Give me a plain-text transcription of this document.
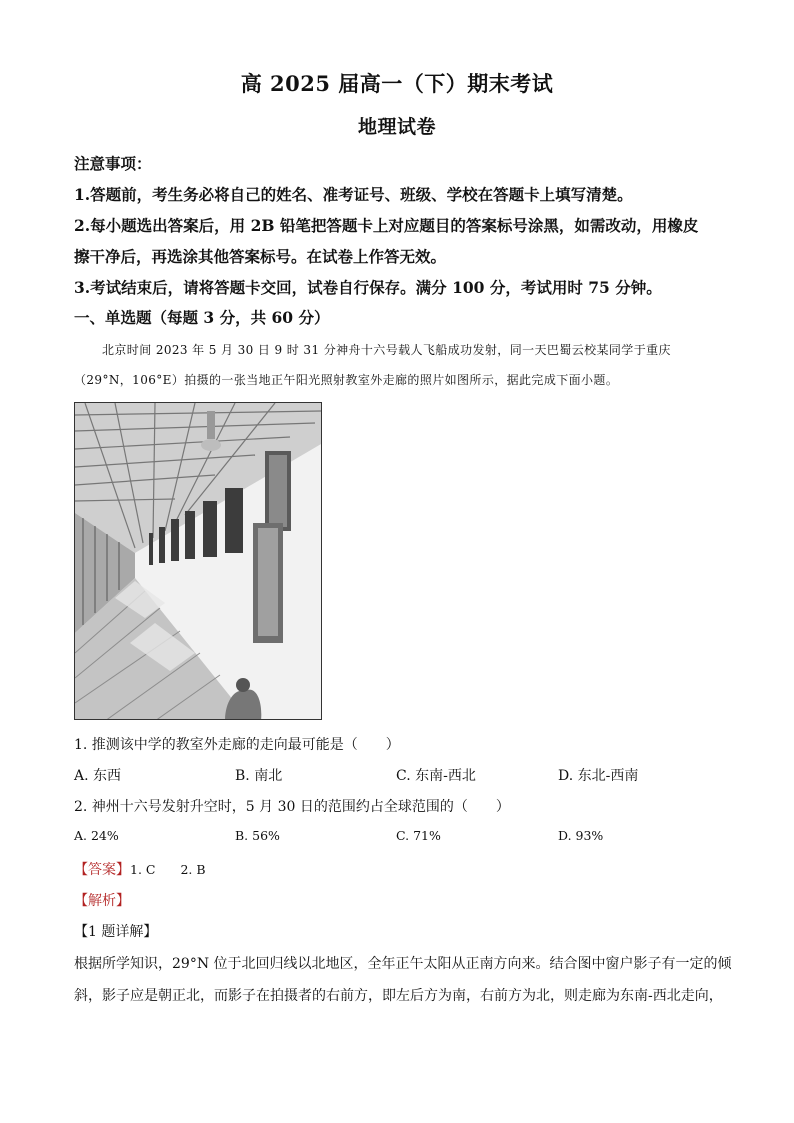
高 2025 届高一（下）期末考试
地理试卷
注意事项：
1.答题前，考生务必将自己的姓名、准考证号、班级、学校在答题卡上填写清楚。
2.每小题选出答案后，用 2B 铅笔把答题卡上对应题目的答案标号涂黑，如需改动，用橡皮
擦干净后，再选涂其他答案标号。在试卷上作答无效。
3.考试结束后，请将答题卡交回，试卷自行保存。满分 100 分，考试用时 75 分钟。
一、单选题（每题 3 分，共 60 分）
北京时间 2023 年 5 月 30 日 9 时 31 分神舟十六号载人飞船成功发射，同一天巴蜀云校某同学于重庆
（29°N，106°E）拍摄的一张当地正午阳光照射教室外走廊的照片如图所示，据此完成下面小题。
1. 推测该中学的教室外走廊的走向最可能是（　　）
A. 东西	B. 南北	C. 东南-西北	D. 东北-西南
2. 神州十六号发射升空时，5 月 30 日的范围约占全球范围的（　　）
A. 24%	B. 56%	C. 71%	D. 93%
【答案】1. C　　2. B
【解析】
【1 题详解】
根据所学知识，29°N 位于北回归线以北地区，全年正午太阳从正南方向来。结合图中窗户影子有一定的倾
斜，影子应是朝正北，而影子在拍摄者的右前方，即左后方为南，右前方为北，则走廊为东南-西北走向，
